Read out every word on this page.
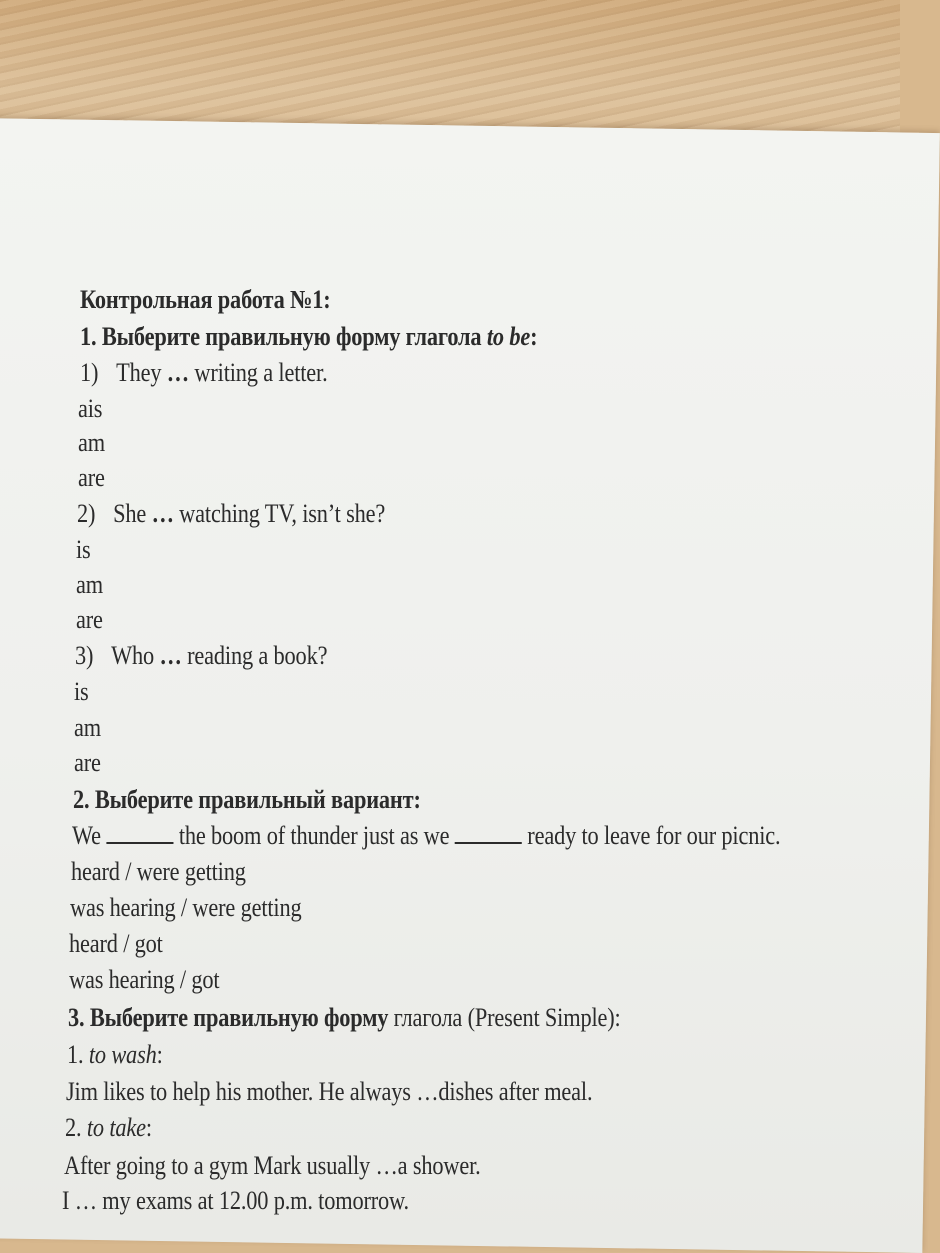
Контрольная работа №1:
1. Выберите правильную форму глагола to be:
1) They … writing a letter.
ais
am
are
2) She … watching TV, isn’t she?
is
am
are
3) Who … reading a book?
is
am
are
2. Выберите правильный вариант:
We	the boom of thunder just as we	ready to leave for our picnic.
heard / were getting
was hearing / were getting
heard / got
was hearing / got
3. Выберите правильную форму глагола (Present Simple):
1. to wash:
Jim likes to help his mother. He always …dishes after meal.
2. to take:
After going to a gym Mark usually …a shower.
I … my exams at 12.00 p.m. tomorrow.
